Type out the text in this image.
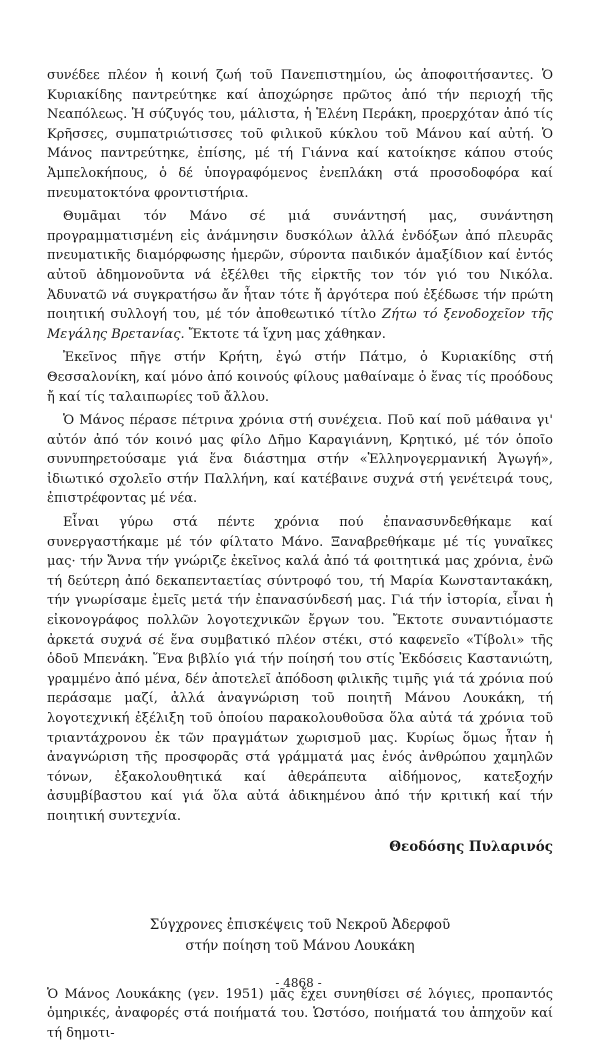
συνέδεε πλέον ἡ κοινή ζωή τοῦ Πανεπιστημίου, ὡς ἀποφοιτήσαντες. Ὁ Κυριακίδης παντρεύτηκε καί ἀποχώρησε πρῶτος ἀπό τήν περιοχή τῆς Νεαπόλεως. Ἡ σύζυγός του, μάλιστα, ἡ Ἑλένη Περάκη, προερχόταν ἀπό τίς Κρῆσσες, συμπατριώτισσες τοῦ φιλικοῦ κύκλου τοῦ Μάνου καί αὐτή. Ὁ Μάνος παντρεύτηκε, ἐπίσης, μέ τή Γιάννα καί κατοίκησε κάπου στούς Ἀμπελοκήπους, ὁ δέ ὑπογραφόμενος ἐνεπλάκη στά προσοδοφόρα καί πνευματοκτόνα φροντιστήρια.

Θυμᾶμαι τόν Μάνο σέ μιά συνάντησή μας, συνάντηση προγραμματισμένη εἰς ἀνάμνησιν δυσκόλων ἀλλά ἐνδόξων ἀπό πλευρᾶς πνευματικῆς διαμόρφωσης ἡμερῶν, σύροντα παιδικόν ἁμαξίδιον καί ἐντός αὐτοῦ ἀδημονοῦντα νά ἐξέλθει τῆς εἱρκτῆς τον τόν γιό του Νικόλα. Ἀδυνατῶ νά συγκρατήσω ἄν ἦταν τότε ἤ ἀργότερα πού ἐξέδωσε τήν πρώτη ποιητική συλλογή του, μέ τόν ἀποθεωτικό τίτλο Ζήτω τό ξενοδοχεῖον τῆς Μεγάλης Βρετανίας. Ἔκτοτε τά ἴχνη μας χάθηκαν.

Ἐκεῖνος πῆγε στήν Κρήτη, ἐγώ στήν Πάτμο, ὁ Κυριακίδης στή Θεσσαλονίκη, καί μόνο ἀπό κοινούς φίλους μαθαίναμε ὁ ἕνας τίς προόδους ἤ καί τίς ταλαιπωρίες τοῦ ἄλλου.

Ὁ Μάνος πέρασε πέτρινα χρόνια στή συνέχεια. Ποῦ καί ποῦ μάθαινα γι' αὐτόν ἀπό τόν κοινό μας φίλο Δῆμο Καραγιάννη, Κρητικό, μέ τόν ὁποῖο συνυπηρετούσαμε γιά ἕνα διάστημα στήν «Ἑλληνογερμανική Ἀγωγή», ἰδιωτικό σχολεῖο στήν Παλλήνη, καί κατέβαινε συχνά στή γενέτειρά τους, ἐπιστρέφοντας μέ νέα.

Εἶναι γύρω στά πέντε χρόνια πού ἐπανασυνδεθήκαμε καί συνεργαστήκαμε μέ τόν φίλτατο Μάνο. Ξαναβρεθήκαμε μέ τίς γυναῖκες μας· τήν Ἄννα τήν γνώριζε ἐκεῖνος καλά ἀπό τά φοιτητικά μας χρόνια, ἐνῶ τή δεύτερη ἀπό δεκαπενταετίας σύντροφό του, τή Μαρία Κωνσταντακάκη, τήν γνωρίσαμε ἐμεῖς μετά τήν ἐπανασύνδεσή μας. Γιά τήν ἱστορία, εἶναι ἡ εἰκονογράφος πολλῶν λογοτεχνικῶν ἔργων του. Ἔκτοτε συναντιόμαστε ἀρκετά συχνά σέ ἕνα συμβατικό πλέον στέκι, στό καφενεῖο «Τίβολι» τῆς ὁδοῦ Μπενάκη. Ἕνα βιβλίο γιά τήν ποίησή του στίς Ἐκδόσεις Καστανιώτη, γραμμένο ἀπό μένα, δέν ἀποτελεῖ ἀπόδοση φιλικῆς τιμῆς γιά τά χρόνια πού περάσαμε μαζί, ἀλλά ἀναγνώριση τοῦ ποιητῆ Μάνου Λουκάκη, τή λογοτεχνική ἐξέλιξη τοῦ ὁποίου παρακολουθοῦσα ὅλα αὐτά τά χρόνια τοῦ τριαντάχρονου ἐκ τῶν πραγμάτων χωρισμοῦ μας. Κυρίως ὅμως ἦταν ἡ ἀναγνώριση τῆς προσφορᾶς στά γράμματά μας ἑνός ἀνθρώπου χαμηλῶν τόνων, ἐξακολουθητικά καί ἀθεράπευτα αἰδήμονος, κατεξοχήν ἀσυμβίβαστου καί γιά ὅλα αὐτά ἀδικημένου ἀπό τήν κριτική καί τήν ποιητική συντεχνία.

Θεοδόσης Πυλαρινός
Σύγχρονες ἐπισκέψεις τοῦ Νεκροῦ Ἀδερφοῦ
στήν ποίηση τοῦ Μάνου Λουκάκη

Ὁ Μάνος Λουκάκης (γεν. 1951) μᾶς ἔχει συνηθίσει σέ λόγιες, προπαντός ὁμηρικές, ἀναφορές στά ποιήματά του. Ὡστόσο, ποιήματά του ἀπηχοῦν καί τή δημοτι-

- 4868 -
